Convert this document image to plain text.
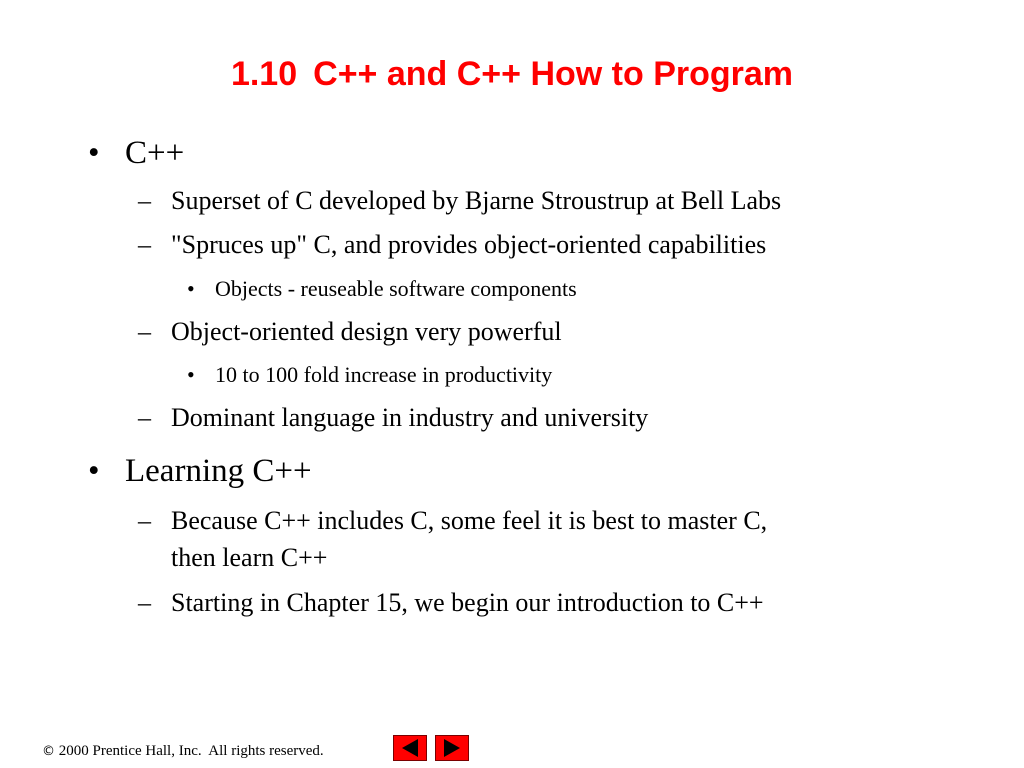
1.10 C++ and C++ How to Program
• C++

– Superset of C developed by Bjarne Stroustrup at Bell Labs

– "Spruces up" C, and provides object-oriented capabilities

• Objects - reuseable software components

– Object-oriented design very powerful

• 10 to 100 fold increase in productivity

– Dominant language in industry and university

• Learning C++

– Because C++ includes C, some feel it is best to master C,

then learn C++

– Starting in Chapter 15, we begin our introduction to C++

© 2000 Prentice Hall, Inc.  All rights reserved.
